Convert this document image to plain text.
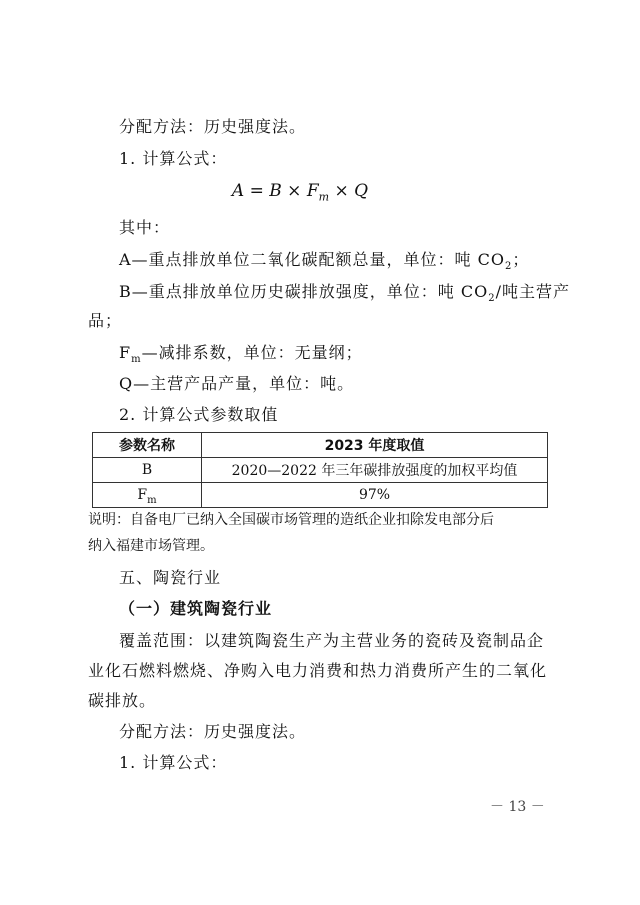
分配方法：历史强度法。
1. 计算公式：
$A = B \times F_m \times Q$
其中：
A—重点排放单位二氧化碳配额总量，单位：吨 $CO_2$；
B—重点排放单位历史碳排放强度，单位：吨 $CO_2/$吨主营产
品；
$F_m—$减排系数，单位：无量纲；
Q—主营产品产量，单位：吨。
2. 计算公式参数取值
参数名称	2023 年度取值
B	2020—2022 年三年碳排放强度的加权平均值
$F_m$	97%
说明：自备电厂已纳入全国碳市场管理的造纸企业扣除发电部分后
纳入福建市场管理。
五、陶瓷行业
（一）建筑陶瓷行业
覆盖范围：以建筑陶瓷生产为主营业务的瓷砖及瓷制品企
业化石燃料燃烧、净购入电力消费和热力消费所产生的二氧化
碳排放。
分配方法：历史强度法。
1. 计算公式：
－ 13 －
